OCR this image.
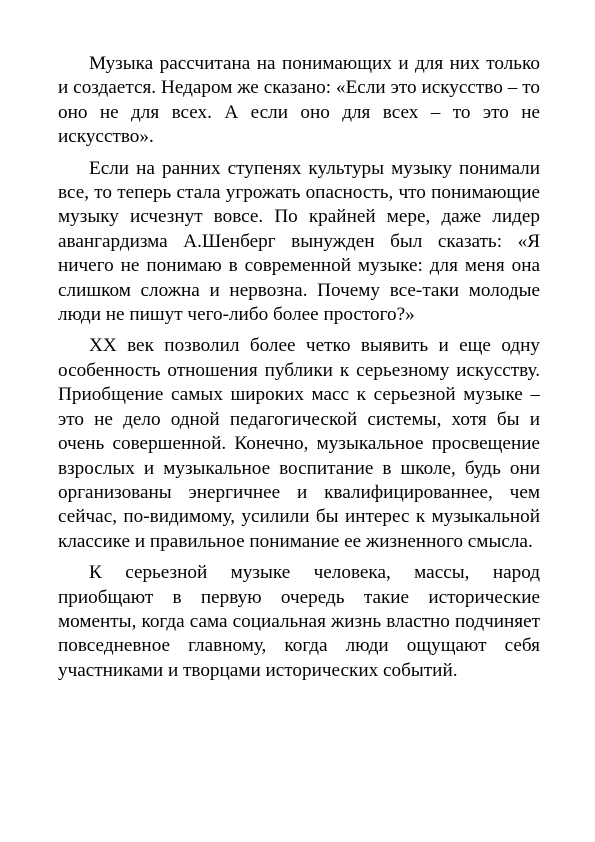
Музыка рассчитана на понимающих и для них только и создается. Недаром же сказано: «Если это искусство – то оно не для всех. А если оно для всех – то это не искусство».

Если на ранних ступенях культуры музыку понимали все, то теперь стала угрожать опасность, что понимающие музыку исчезнут вовсе. По крайней мере, даже лидер авангардизма А.Шенберг вынужден был сказать: «Я ничего не понимаю в современной музыке: для меня она слишком сложна и нервозна. Почему все-таки молодые люди не пишут чего-либо более простого?»

XX век позволил более четко выявить и еще одну особенность отношения публики к серьезному искусству. Приобщение самых широких масс к серьезной музыке – это не дело одной педагогической системы, хотя бы и очень совершенной. Конечно, музыкальное просвещение взрослых и музыкальное воспитание в школе, будь они организованы энергичнее и квалифицированнее, чем сейчас, по-видимому, усилили бы интерес к музыкальной классике и правильное понимание ее жизненного смысла.

К серьезной музыке человека, массы, народ приобщают в первую очередь такие исторические моменты, когда сама социальная жизнь властно подчиняет повседневное главному, когда люди ощущают себя участниками и творцами исторических событий.
